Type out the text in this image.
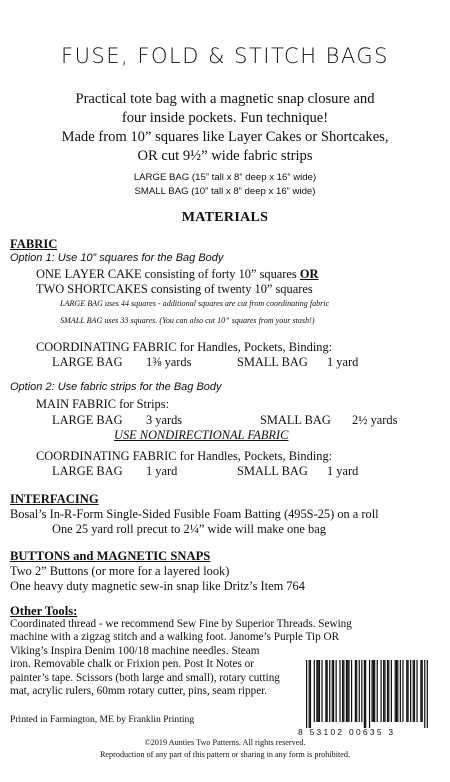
FUSE, FOLD & STITCH BAGS
Practical tote bag with a magnetic snap closure and
four inside pockets. Fun technique!
Made from 10” squares like Layer Cakes or Shortcakes,
OR cut 9½” wide fabric strips
LARGE BAG (15” tall x 8” deep x 16” wide)
SMALL BAG (10” tall x 8” deep x 16” wide)
MATERIALS
FABRIC
Option 1: Use 10” squares for the Bag Body
ONE LAYER CAKE consisting of forty 10” squares OR
TWO SHORTCAKES consisting of twenty 10” squares
LARGE BAG uses 44 squares - additional squares are cut from coordinating fabric
SMALL BAG uses 33 squares. (You can also cut 10” squares from your stash!)
COORDINATING FABRIC for Handles, Pockets, Binding:
LARGE BAG 1⅜ yards	SMALL BAG 1 yard
Option 2: Use fabric strips for the Bag Body
MAIN FABRIC for Strips:
LARGE BAG 3 yards	SMALL BAG 2½ yards
USE NONDIRECTIONAL FABRIC
COORDINATING FABRIC for Handles, Pockets, Binding:
LARGE BAG 1 yard	SMALL BAG 1 yard
INTERFACING
Bosal’s In-R-Form Single-Sided Fusible Foam Batting (495S-25) on a roll
One 25 yard roll precut to 2¼” wide will make one bag
BUTTONS and MAGNETIC SNAPS
Two 2” Buttons (or more for a layered look)
One heavy duty magnetic sew-in snap like Dritz’s Item 764
Other Tools:
Coordinated thread - we recommend Sew Fine by Superior Threads. Sewing
machine with a zigzag stitch and a walking foot. Janome’s Purple Tip OR
Viking’s Inspira Denim 100/18 machine needles. Steam
iron. Removable chalk or Frixion pen. Post It Notes or
painter’s tape. Scissors (both large and small), rotary cutting
mat, acrylic rulers, 60mm rotary cutter, pins, seam ripper.
8 53102 00635 3
Printed in Farmington, ME by Franklin Printing
©2019 Aunties Two Patterns. All rights reserved.
Reproduction of any part of this pattern or sharing in any form is prohibited.
